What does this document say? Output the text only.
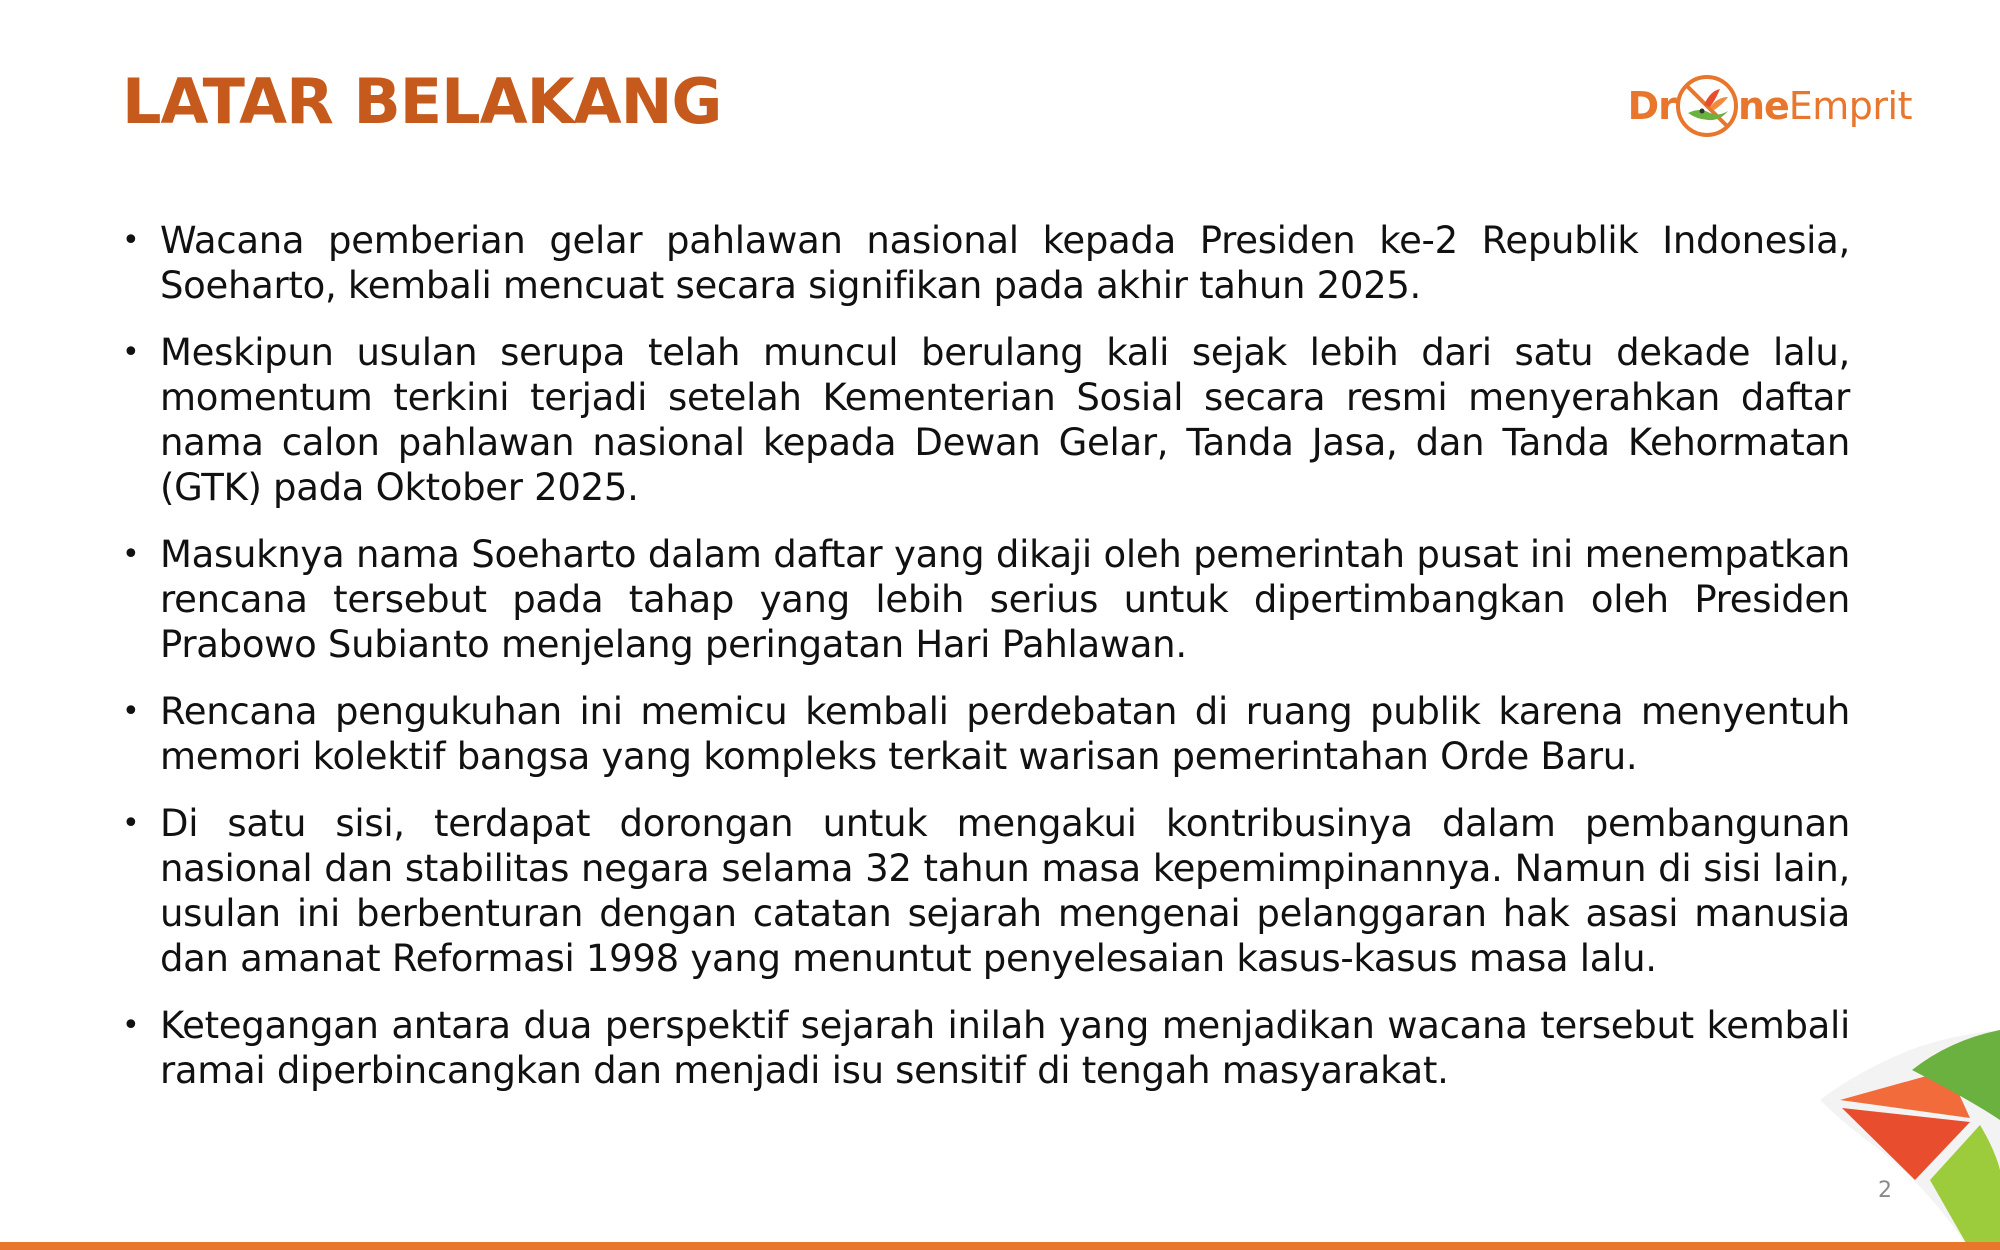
LATAR BELAKANG	Dr ne Emprit
• Wacana pemberian gelar pahlawan nasional kepada Presiden ke-2 Republik Indonesia, Soeharto, kembali mencuat secara signifikan pada akhir tahun 2025.
• Meskipun usulan serupa telah muncul berulang kali sejak lebih dari satu dekade lalu, momentum terkini terjadi setelah Kementerian Sosial secara resmi menyerahkan daftar nama calon pahlawan nasional kepada Dewan Gelar, Tanda Jasa, dan Tanda Kehormatan (GTK) pada Oktober 2025.
• Masuknya nama Soeharto dalam daftar yang dikaji oleh pemerintah pusat ini menempatkan rencana tersebut pada tahap yang lebih serius untuk dipertimbangkan oleh Presiden Prabowo Subianto menjelang peringatan Hari Pahlawan.
• Rencana pengukuhan ini memicu kembali perdebatan di ruang publik karena menyentuh memori kolektif bangsa yang kompleks terkait warisan pemerintahan Orde Baru.
• Di satu sisi, terdapat dorongan untuk mengakui kontribusinya dalam pembangunan nasional dan stabilitas negara selama 32 tahun masa kepemimpinannya. Namun di sisi lain, usulan ini berbenturan dengan catatan sejarah mengenai pelanggaran hak asasi manusia dan amanat Reformasi 1998 yang menuntut penyelesaian kasus-kasus masa lalu.
• Ketegangan antara dua perspektif sejarah inilah yang menjadikan wacana tersebut kembali ramai diperbincangkan dan menjadi isu sensitif di tengah masyarakat.
2
